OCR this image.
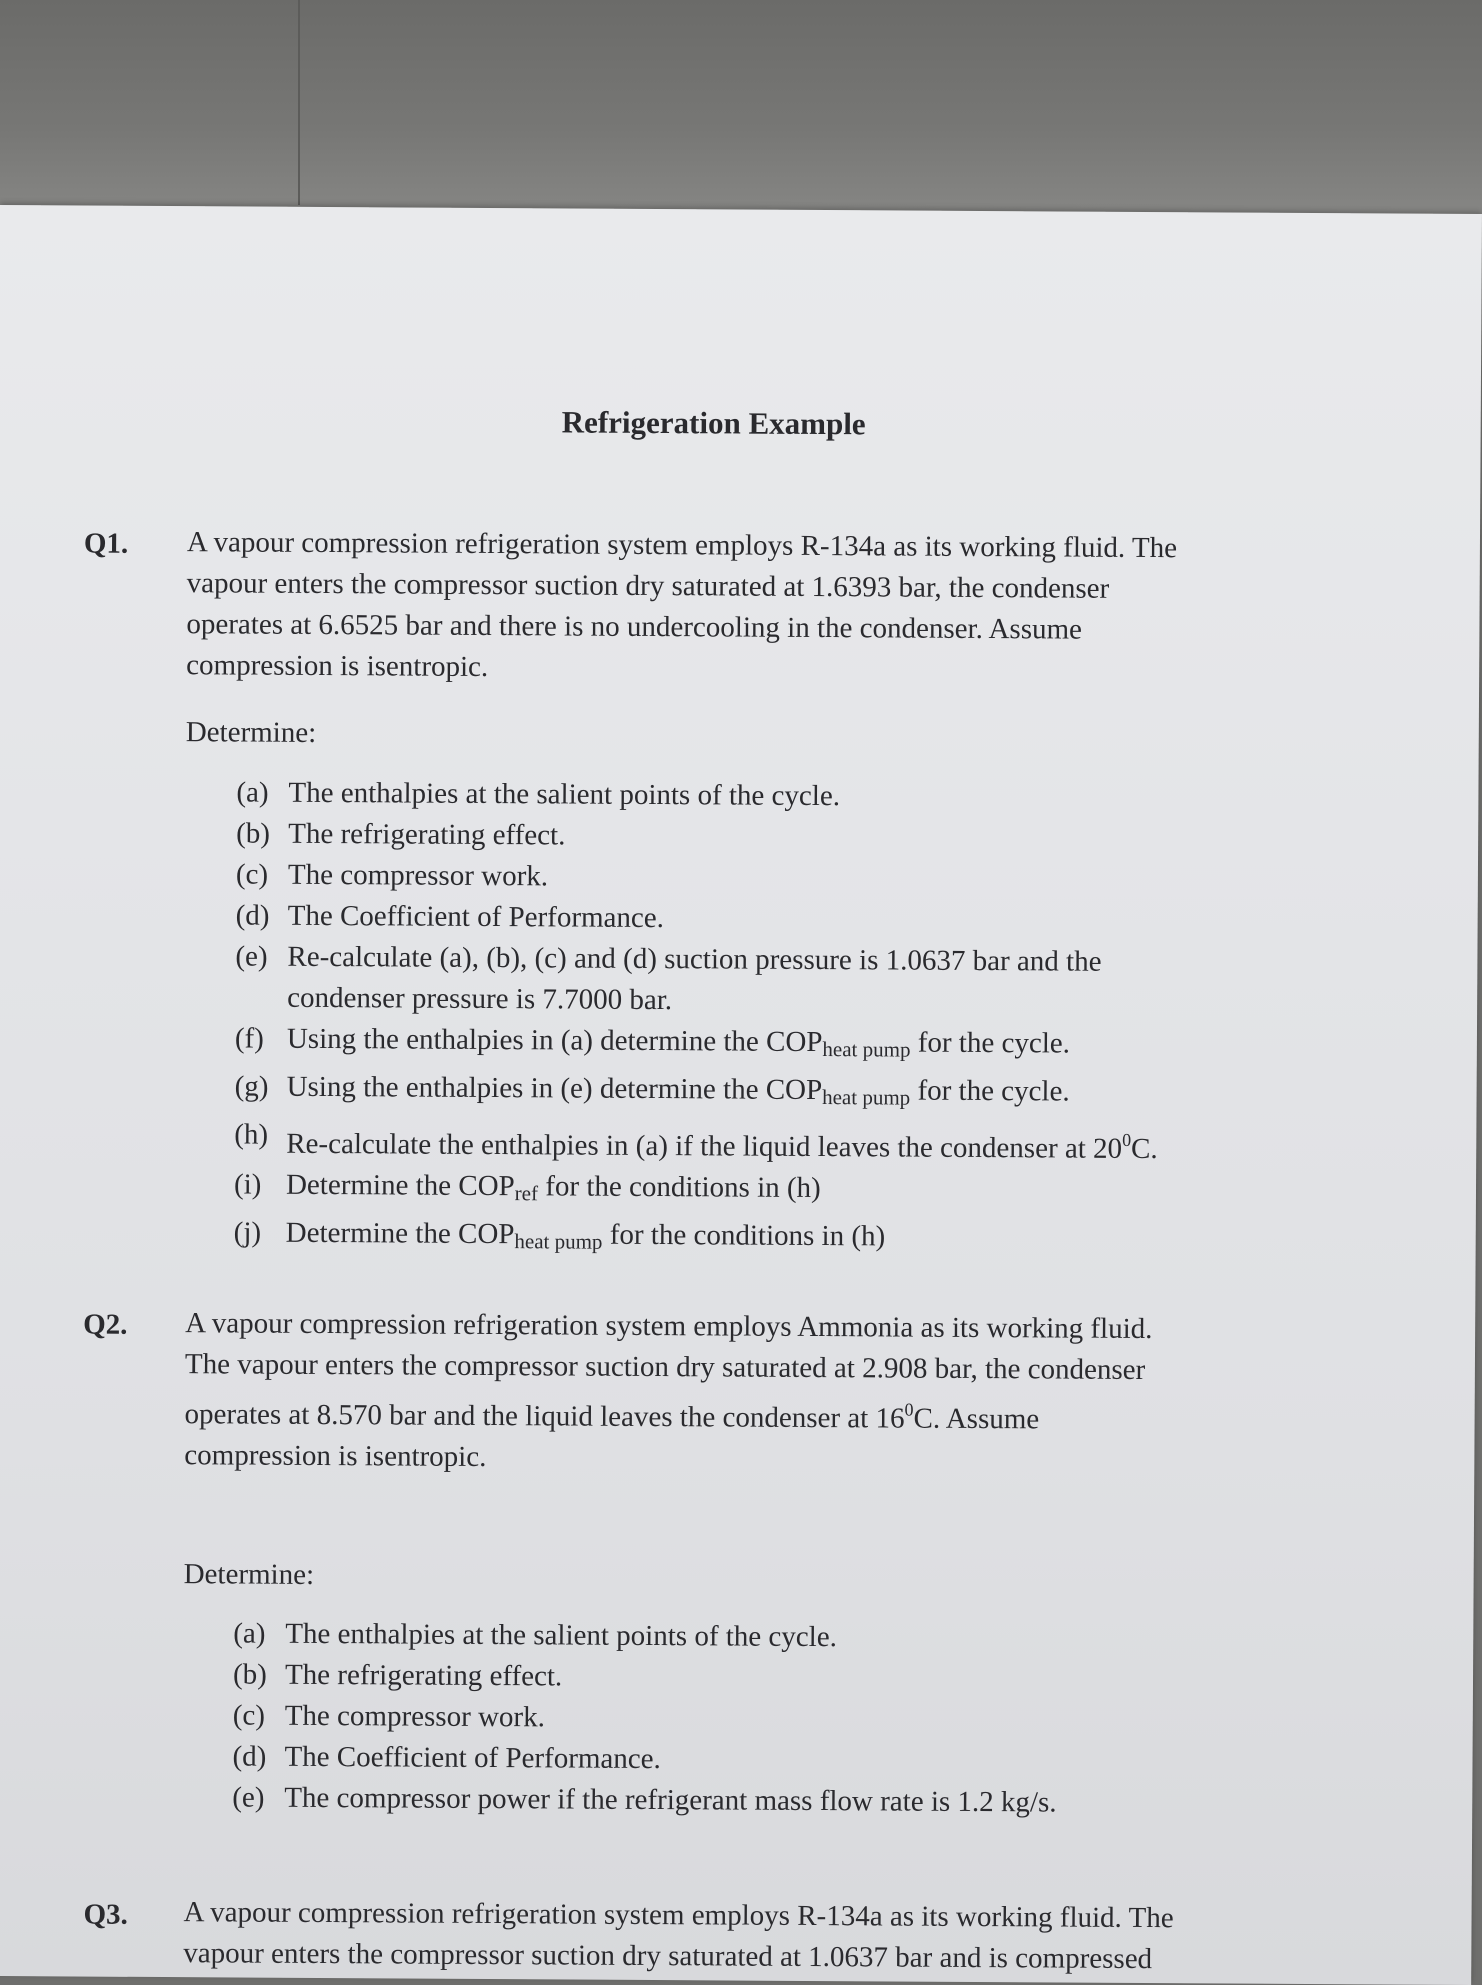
Refrigeration Example
Q1. A vapour compression refrigeration system employs R-134a as its working fluid. The
vapour enters the compressor suction dry saturated at 1.6393 bar, the condenser
operates at 6.6525 bar and there is no undercooling in the condenser. Assume
compression is isentropic.
Determine:
(a) The enthalpies at the salient points of the cycle.
(b) The refrigerating effect.
(c) The compressor work.
(d) The Coefficient of Performance.
(e) Re-calculate (a), (b), (c) and (d) suction pressure is 1.0637 bar and the
condenser pressure is 7.7000 bar.
(f) Using the enthalpies in (a) determine the $COP_{heat pump}$ for the cycle.
(g) Using the enthalpies in (e) determine the $COP_{heat pump}$ for the cycle.
(h) Re-calculate the enthalpies in (a) if the liquid leaves the condenser at $20^0C$.
(i) Determine the $COP_{ref}$ for the conditions in (h)
(j) Determine the $COP_{heat pump}$ for the conditions in (h)
Q2. A vapour compression refrigeration system employs Ammonia as its working fluid.
The vapour enters the compressor suction dry saturated at 2.908 bar, the condenser
operates at 8.570 bar and the liquid leaves the condenser at $16^0C$. Assume
compression is isentropic.
Determine:
(a) The enthalpies at the salient points of the cycle.
(b) The refrigerating effect.
(c) The compressor work.
(d) The Coefficient of Performance.
(e) The compressor power if the refrigerant mass flow rate is 1.2 kg/s.
Q3. A vapour compression refrigeration system employs R-134a as its working fluid. The
vapour enters the compressor suction dry saturated at 1.0637 bar and is compressed
